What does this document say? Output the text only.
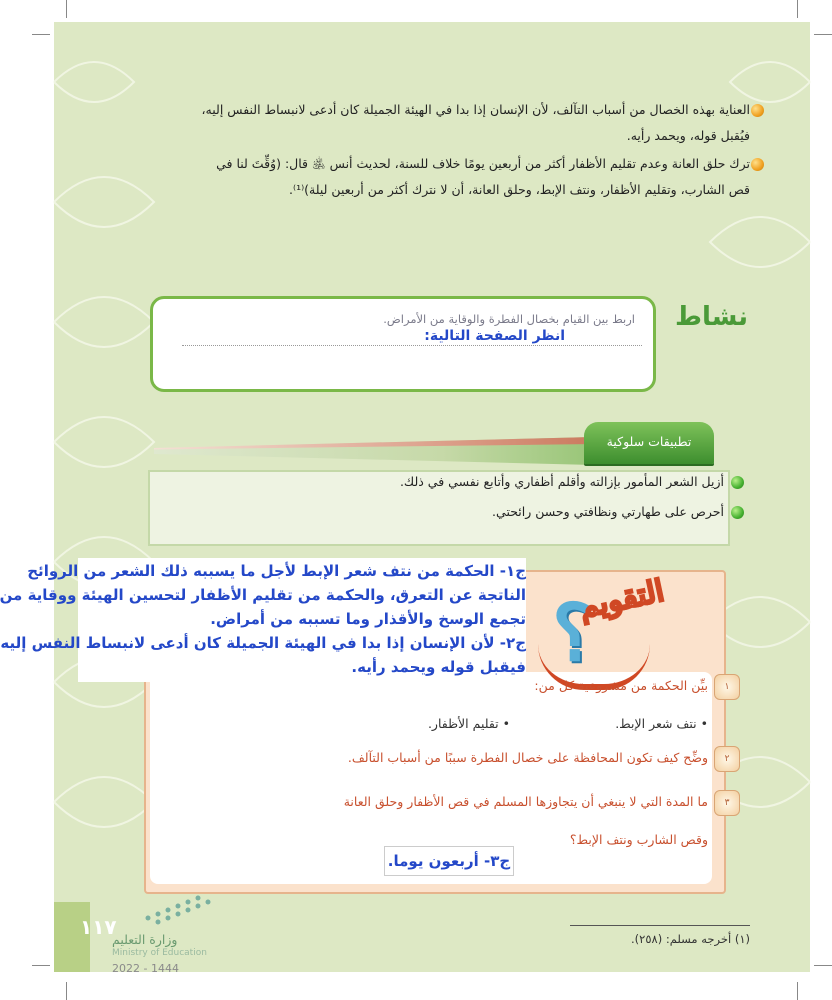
العناية بهذه الخصال من أسباب التآلف، لأن الإنسان إذا بدا في الهيئة الجميلة كان أدعى لانبساط النفس إليه،
فيُقبل قوله، ويحمد رأيه.
ترك حلق العانة وعدم تقليم الأظفار أكثر من أربعين يومًا خلاف للسنة، لحديث أنس ﵁ قال: (وُقِّتَ لنا في
قص الشارب، وتقليم الأظفار، ونتف الإبط، وحلق العانة، أن لا نترك أكثر من أربعين ليلة)⁽¹⁾.
نشاط
اربط بين القيام بخصال الفطرة والوقاية من الأمراض.
انظر الصفحة التالية:
تطبيقات سلوكية
أزيل الشعر المأمور بإزالته وأقلم أظفاري وأتابع نفسي في ذلك.
أحرص على طهارتي ونظافتي وحسن رائحتي.
؟
التقويم
١
بيِّن الحكمة من مشروعية كل من:
• نتف شعر الإبط.
• تقليم الأظفار.
٢
وضِّح كيف تكون المحافظة على خصال الفطرة سببًا من أسباب التآلف.
٣
ما المدة التي لا ينبغي أن يتجاوزها المسلم في قص الأظفار وحلق العانة
وقص الشارب ونتف الإبط؟
ج٣- أربعون يوما.
ج١- الحكمة من نتف شعر الإبط لأجل ما يسببه ذلك الشعر من الروائح
الناتجة عن التعرق، والحكمة من تقليم الأظفار لتحسين الهيئة ووقاية من
تجمع الوسخ والأقذار وما تسببه من أمراض.
ج٢- لأن الإنسان إذا بدا في الهيئة الجميلة كان أدعى لانبساط النفس إليه
فيقبل قوله ويحمد رأيه.
١١٧
وزارة التعليم
Ministry of Education
2022 - 1444
(١) أخرجه مسلم: (٢٥٨).
